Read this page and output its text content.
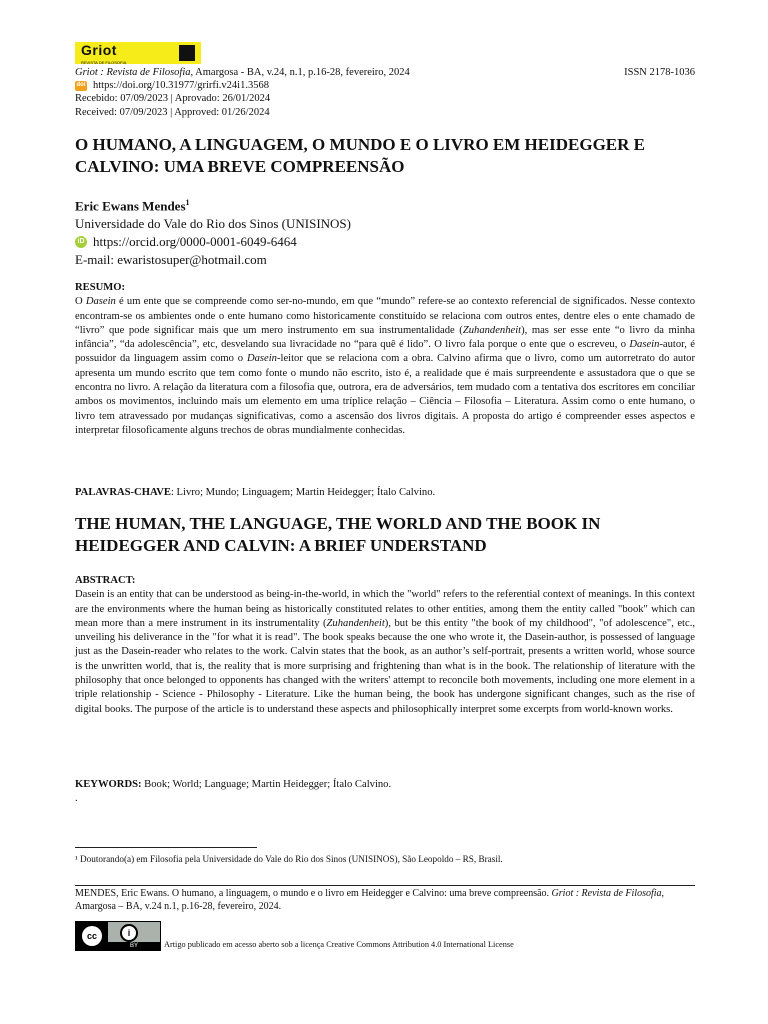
Griot
REVISTA DE FILOSOFIA
Griot : Revista de Filosofia, Amargosa - BA, v.24, n.1, p.16-28, fevereiro, 2024	ISSN 2178-1036
doi https://doi.org/10.31977/grirfi.v24i1.3568
Recebido: 07/09/2023 | Aprovado: 26/01/2024
Received: 07/09/2023 | Approved: 01/26/2024
O HUMANO, A LINGUAGEM, O MUNDO E O LIVRO EM HEIDEGGER E CALVINO: UMA BREVE COMPREENSÃO
Eric Ewans Mendes$^1$
Universidade do Vale do Rio dos Sinos (UNISINOS)
iD https://orcid.org/0000-0001-6049-6464
E-mail: ewaristosuper@hotmail.com
RESUMO:
O Dasein é um ente que se compreende como ser-no-mundo, em que “mundo” refere-se ao contexto referencial de significados. Nesse contexto encontram-se os ambientes onde o ente humano como historicamente constituído se relaciona com outros entes, dentre eles o ente chamado de “livro” que pode significar mais que um mero instrumento em sua instrumentalidade (Zuhandenheit), mas ser esse ente “o livro da minha infância”, “da adolescência”, etc, desvelando sua livracidade no “para quê é lido”. O livro fala porque o ente que o escreveu, o Dasein-autor, é possuidor da linguagem assim como o Dasein-leitor que se relaciona com a obra. Calvino afirma que o livro, como um autorretrato do autor apresenta um mundo escrito que tem como fonte o mundo não escrito, isto é, a realidade que é mais surpreendente e assustadora que o que se encontra no livro. A relação da literatura com a filosofia que, outrora, era de adversários, tem mudado com a tentativa dos escritores em conciliar ambos os movimentos, incluindo mais um elemento em uma tríplice relação – Ciência – Filosofia – Literatura. Assim como o ente humano, o livro tem atravessado por mudanças significativas, como a ascensão dos livros digitais. A proposta do artigo é compreender esses aspectos e interpretar filosoficamente alguns trechos de obras mundialmente conhecidas.
PALAVRAS-CHAVE: Livro; Mundo; Linguagem; Martin Heidegger; Ítalo Calvino.
THE HUMAN, THE LANGUAGE, THE WORLD AND THE BOOK IN HEIDEGGER AND CALVIN: A BRIEF UNDERSTAND
ABSTRACT:
Dasein is an entity that can be understood as being-in-the-world, in which the "world" refers to the referential context of meanings. In this context are the environments where the human being as historically constituted relates to other entities, among them the entity called "book" which can mean more than a mere instrument in its instrumentality (Zuhandenheit), but be this entity "the book of my childhood", "of adolescence", etc., unveiling his deliverance in the "for what it is read". The book speaks because the one who wrote it, the Dasein-author, is possessed of language just as the Dasein-reader who relates to the work. Calvin states that the book, as an author’s self-portrait, presents a written world, whose source is the unwritten world, that is, the reality that is more surprising and frightening than what is in the book. The relationship of literature with the philosophy that once belonged to opponents has changed with the writers' attempt to reconcile both movements, including one more element in a triple relationship - Science - Philosophy - Literature. Like the human being, the book has undergone significant changes, such as the rise of digital books. The purpose of the article is to understand these aspects and philosophically interpret some excerpts from world-known works.
KEYWORDS: Book; World; Language; Martin Heidegger; Ítalo Calvino.
.
¹ Doutorando(a) em Filosofia pela Universidade do Vale do Rio dos Sinos (UNISINOS), São Leopoldo – RS, Brasil.
MENDES, Eric Ewans. O humano, a linguagem, o mundo e o livro em Heidegger e Calvino: uma breve compreensão. Griot : Revista de Filosofia, Amargosa – BA, v.24 n.1, p.16-28, fevereiro, 2024.
cc	i
BY	Artigo publicado em acesso aberto sob a licença Creative Commons Attribution 4.0 International License
